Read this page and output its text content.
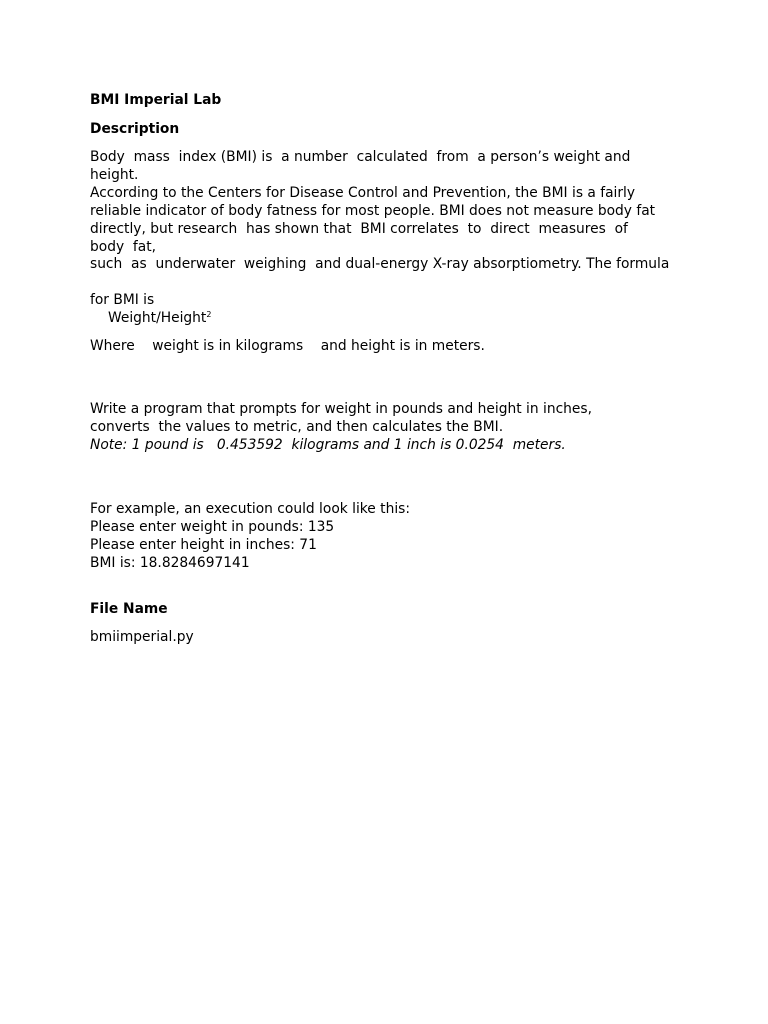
BMI Imperial Lab

Description

Body  mass  index (BMI) is  a number  calculated  from  a person’s weight and

height.

According to the Centers for Disease Control and Prevention, the BMI is a fairly

reliable indicator of body fatness for most people. BMI does not measure body fat

directly, but research  has shown that  BMI correlates  to  direct  measures  of

body  fat,

such  as  underwater  weighing  and dual-energy X-ray absorptiometry. The formula

for BMI is

Weight/Height$^2$

Where    weight is in kilograms    and height is in meters.

Write a program that prompts for weight in pounds and height in inches,

converts  the values to metric, and then calculates the BMI.

Note: 1 pound is   0.453592  kilograms and 1 inch is 0.0254  meters.

For example, an execution could look like this:

Please enter weight in pounds: 135

Please enter height in inches: 71

BMI is: 18.8284697141

File Name

bmiimperial.py
